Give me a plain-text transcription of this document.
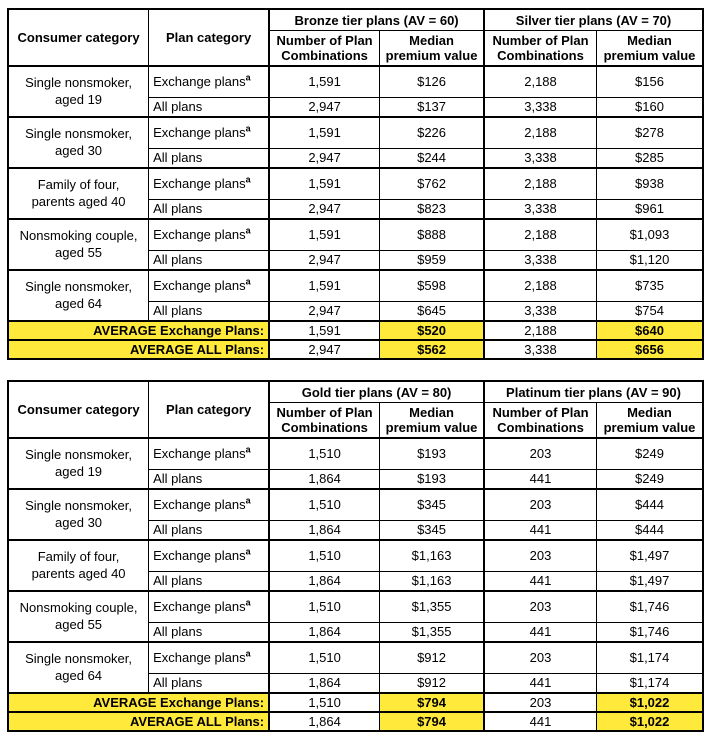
Consumer category	Plan category	Bronze tier plans (AV = 60)		Silver tier plans (AV = 70)	
		Number of Plan Combinations	Median premium value	Number of Plan Combinations	Median premium value

Single nonsmoker,
aged 19	Exchange plans$^a$	1,591	$126	2,188	$156
	All plans	2,947	$137	3,338	$160

Single nonsmoker,
aged 30	Exchange plans$^a$	1,591	$226	2,188	$278
	All plans	2,947	$244	3,338	$285

Family of four,
parents aged 40	Exchange plans$^a$	1,591	$762	2,188	$938
	All plans	2,947	$823	3,338	$961

Nonsmoking couple,
aged 55	Exchange plans$^a$	1,591	$888	2,188	$1,093
	All plans	2,947	$959	3,338	$1,120

Single nonsmoker,
aged 64	Exchange plans$^a$	1,591	$598	2,188	$735
	All plans	2,947	$645	3,338	$754
AVERAGE Exchange Plans:		1,591	$520	2,188	$640
AVERAGE ALL Plans:		2,947	$562	3,338	$656
Consumer category	Plan category	Gold tier plans (AV = 80)		Platinum tier plans (AV = 90)	
		Number of Plan Combinations	Median premium value	Number of Plan Combinations	Median premium value

Single nonsmoker,
aged 19	Exchange plans$^a$	1,510	$193	203	$249
	All plans	1,864	$193	441	$249

Single nonsmoker,
aged 30	Exchange plans$^a$	1,510	$345	203	$444
	All plans	1,864	$345	441	$444

Family of four,
parents aged 40	Exchange plans$^a$	1,510	$1,163	203	$1,497
	All plans	1,864	$1,163	441	$1,497

Nonsmoking couple,
aged 55	Exchange plans$^a$	1,510	$1,355	203	$1,746
	All plans	1,864	$1,355	441	$1,746

Single nonsmoker,
aged 64	Exchange plans$^a$	1,510	$912	203	$1,174
	All plans	1,864	$912	441	$1,174
AVERAGE Exchange Plans:		1,510	$794	203	$1,022
AVERAGE ALL Plans:		1,864	$794	441	$1,022
